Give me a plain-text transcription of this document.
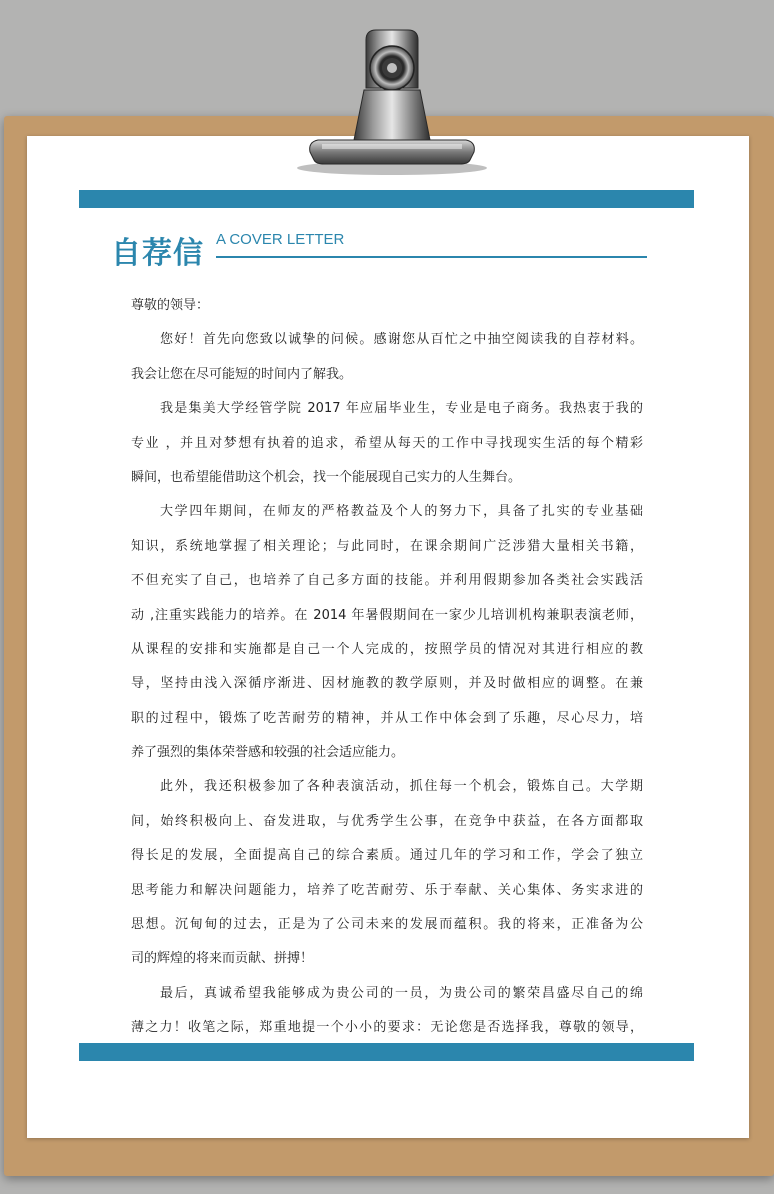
自荐信 A COVER LETTER
尊敬的领导：
您好！首先向您致以诚挚的问候。感谢您从百忙之中抽空阅读我的自荐材料。
我会让您在尽可能短的时间内了解我。
我是集美大学经管学院 2017 年应届毕业生，专业是电子商务。我热衷于我的
专业 ，并且对梦想有执着的追求，希望从每天的工作中寻找现实生活的每个精彩
瞬间，也希望能借助这个机会，找一个能展现自己实力的人生舞台。
大学四年期间，在师友的严格教益及个人的努力下，具备了扎实的专业基础
知识，系统地掌握了相关理论；与此同时，在课余期间广泛涉猎大量相关书籍，
不但充实了自己，也培养了自己多方面的技能。并利用假期参加各类社会实践活
动 ,注重实践能力的培养。在 2014 年暑假期间在一家少儿培训机构兼职表演老师，
从课程的安排和实施都是自己一个人完成的，按照学员的情况对其进行相应的教
导，坚持由浅入深循序渐进、因材施教的教学原则，并及时做相应的调整。在兼
职的过程中，锻炼了吃苦耐劳的精神，并从工作中体会到了乐趣，尽心尽力，培
养了强烈的集体荣誉感和较强的社会适应能力。
此外，我还积极参加了各种表演活动，抓住每一个机会，锻炼自己。大学期
间，始终积极向上、奋发进取，与优秀学生公事，在竞争中获益，在各方面都取
得长足的发展，全面提高自己的综合素质。通过几年的学习和工作，学会了独立
思考能力和解决问题能力，培养了吃苦耐劳、乐于奉献、关心集体、务实求进的
思想。沉甸甸的过去，正是为了公司未来的发展而蕴积。我的将来，正准备为公
司的辉煌的将来而贡献、拼搏！
最后，真诚希望我能够成为贵公司的一员，为贵公司的繁荣昌盛尽自己的绵
薄之力！收笔之际，郑重地提一个小小的要求：无论您是否选择我，尊敬的领导，
